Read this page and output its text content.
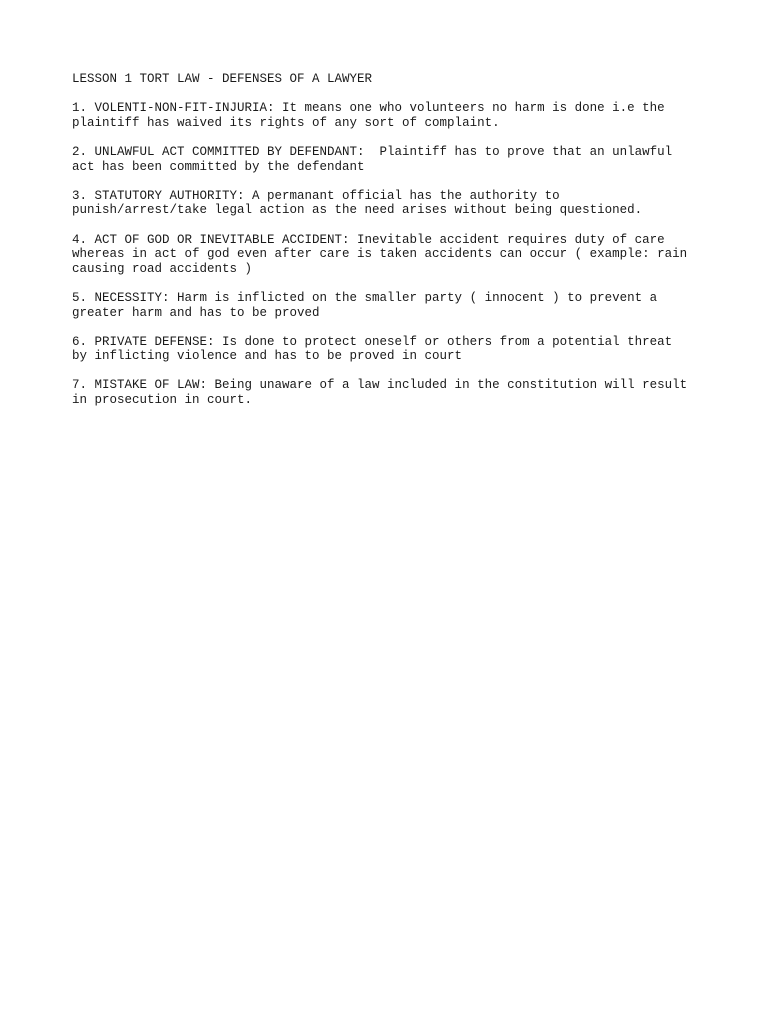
LESSON 1 TORT LAW - DEFENSES OF A LAWYER
1. VOLENTI-NON-FIT-INJURIA: It means one who volunteers no harm is done i.e the
plaintiff has waived its rights of any sort of complaint.
2. UNLAWFUL ACT COMMITTED BY DEFENDANT:  Plaintiff has to prove that an unlawful
act has been committed by the defendant
3. STATUTORY AUTHORITY: A permanant official has the authority to
punish/arrest/take legal action as the need arises without being questioned.
4. ACT OF GOD OR INEVITABLE ACCIDENT: Inevitable accident requires duty of care
whereas in act of god even after care is taken accidents can occur ( example: rain
causing road accidents )
5. NECESSITY: Harm is inflicted on the smaller party ( innocent ) to prevent a
greater harm and has to be proved
6. PRIVATE DEFENSE: Is done to protect oneself or others from a potential threat
by inflicting violence and has to be proved in court
7. MISTAKE OF LAW: Being unaware of a law included in the constitution will result
in prosecution in court.
